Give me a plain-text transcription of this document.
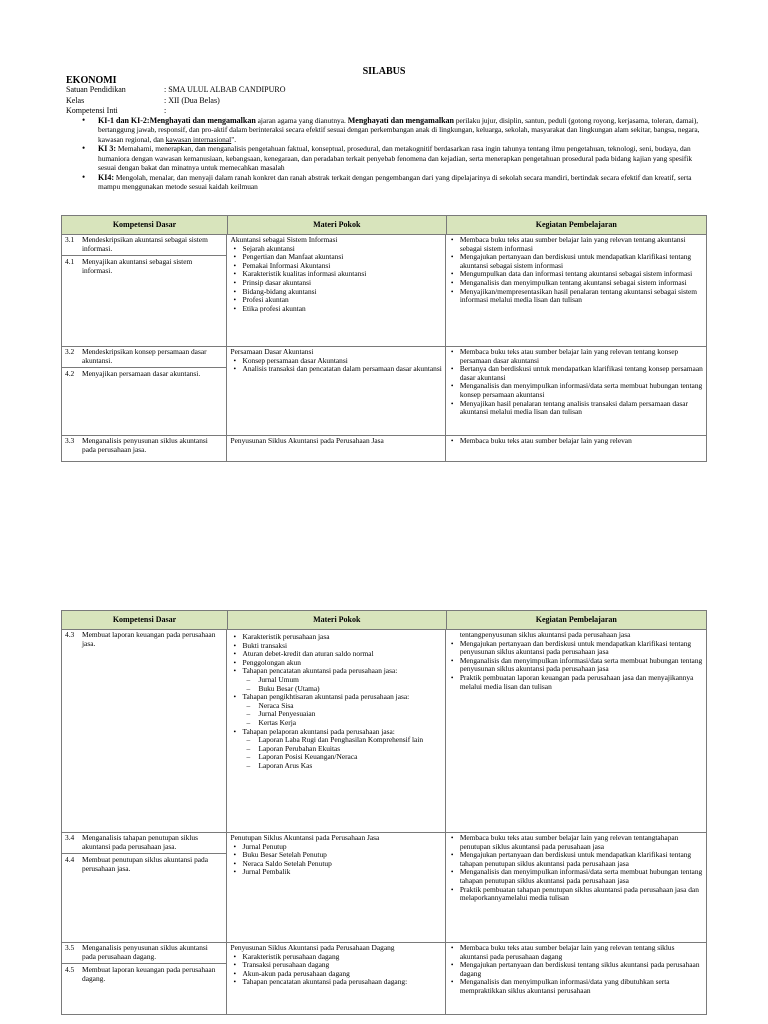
SILABUS
EKONOMI
Satuan Pendidikan	: SMA ULUL ALBAB CANDIPURO
Kelas	: XII (Dua Belas)
Kompetensi Inti	:
• KI-1 dan KI-2:Menghayati dan mengamalkan ajaran agama yang dianutnya. Menghayati dan mengamalkan perilaku jujur, disiplin, santun, peduli (gotong royong, kerjasama, toleran, damai), bertanggung jawab, responsif, dan pro-aktif dalam berinteraksi secara efektif sesuai dengan perkembangan anak di lingkungan, keluarga, sekolah, masyarakat dan lingkungan alam sekitar, bangsa, negara, kawasan regional, dan kawasan internasional".
• KI 3: Memahami, menerapkan, dan menganalisis pengetahuan faktual, konseptual, prosedural, dan metakognitif berdasarkan rasa ingin tahunya tentang ilmu pengetahuan, teknologi, seni, budaya, dan humaniora dengan wawasan kemanusiaan, kebangsaan, kenegaraan, dan peradaban terkait penyebab fenomena dan kejadian, serta menerapkan pengetahuan prosedural pada bidang kajian yang spesifik sesuai dengan bakat dan minatnya untuk memecahkan masalah
• KI4: Mengolah, menalar, dan menyaji dalam ranah konkret dan ranah abstrak terkait dengan pengembangan dari yang dipelajarinya di sekolah secara mandiri, bertindak secara efektif dan kreatif, serta mampu menggunakan metode sesuai kaidah keilmuan
Kompetensi Dasar	Materi Pokok	Kegiatan Pembelajaran
3.1	Mendeskripsikan akuntansi sebagai sistem informasi.
4.1	Menyajikan akuntansi sebagai sistem informasi.

Akuntansi sebagai Sistem Informasi

• Sejarah akuntansi
• Pengertian dan Manfaat akuntansi
• Pemakai Informasi Akuntansi
• Karakteristik kualitas informasi akuntansi
• Prinsip dasar akuntansi
• Bidang-bidang akuntansi
• Profesi akuntan
• Etika profesi akuntan
• Membaca buku teks atau sumber belajar lain yang relevan tentang akuntansi sebagai sistem informasi
• Mengajukan pertanyaan dan berdiskusi untuk mendapatkan klarifikasi tentang akuntansi sebagai sistem informasi
• Mengumpulkan data dan informasi tentang akuntansi sebagai sistem informasi
• Menganalisis dan menyimpulkan tentang akuntansi sebagai sistem informasi
• Menyajikan/mempresentasikan hasil penalaran tentang akuntansi sebagai sistem informasi melalui media lisan dan tulisan
3.2	Mendeskripsikan konsep persamaan dasar akuntansi.
4.2	Menyajikan persamaan dasar akuntansi.

Persamaan Dasar Akuntansi

• Konsep persamaan dasar Akuntansi
• Analisis transaksi dan pencatatan dalam persamaan dasar akuntansi
• Membaca buku teks atau sumber belajar lain yang relevan tentang konsep persamaan dasar akuntansi
• Bertanya dan berdiskusi untuk mendapatkan klarifikasi tentang konsep persamaan dasar akuntansi
• Menganalisis dan menyimpulkan informasi/data serta membuat hubungan tentang konsep persamaan akuntansi
• Menyajikan hasil penalaran tentang analisis transaksi dalam persamaan dasar akuntansi melalui media lisan dan tulisan
3.3	Menganalisis penyusunan siklus akuntansi pada perusahaan jasa.

Penyusunan Siklus Akuntansi pada Perusahaan Jasa

•	Membaca buku teks atau sumber belajar lain yang relevan
Kompetensi Dasar	Materi Pokok	Kegiatan Pembelajaran
4.3	Membuat laporan keuangan pada perusahaan jasa.
• Karakteristik perusahaan jasa
• Bukti transaksi
• Aturan debet-kredit dan aturan saldo normal
• Penggolongan akun
• Tahapan pencatatan akuntansi pada perusahaan jasa:
– Jurnal Umum
– Buku Besar (Utama)
• Tahapan pengikhtisaran akuntansi pada perusahaan jasa:
– Neraca Sisa
– Jurnal Penyesuaian
– Kertas Kerja
• Tahapan pelaporan akuntansi pada perusahaan jasa:
– Laporan Laba Rugi dan Penghasilan Komprehensif lain
– Laporan Perubahan Ekuitas
– Laporan Posisi Keuangan/Neraca
– Laporan Arus Kas

tentangpenyusunan siklus akuntansi pada perusahaan jasa

• Mengajukan pertanyaan dan berdiskusi untuk mendapatkan klarifikasi tentang penyusunan siklus akuntansi pada perusahaan jasa
• Menganalisis dan menyimpulkan informasi/data serta membuat hubungan tentang penyusunan siklus akuntansi pada perusahaan jasa
• Praktik pembuatan laporan keuangan pada perusahaan jasa dan menyajikannya melalui media lisan dan tulisan
3.4	Menganalisis tahapan penutupan siklus akuntansi pada perusahaan jasa.
4.4	Membuat penutupan siklus akuntansi pada perusahaan jasa.

Penutupan Siklus Akuntansi pada Perusahaan Jasa

• Jurnal Penutup
• Buku Besar Setelah Penutup
• Neraca Saldo Setelah Penutup
• Jurnal Pembalik
• Membaca buku teks atau sumber belajar lain yang relevan tentangtahapan penutupan siklus akuntansi pada perusahaan jasa
• Mengajukan pertanyaan dan berdiskusi untuk mendapatkan klarifikasi tentang tahapan penutupan siklus akuntansi pada perusahaan jasa
• Menganalisis dan menyimpulkan informasi/data serta membuat hubungan tentang tahapan penutupan siklus akuntansi pada perusahaan jasa
• Praktik pembuatan tahapan penutupan siklus akuntansi pada perusahaan jasa dan melaporkannyamelalui media tulisan
3.5	Menganalisis penyusunan siklus akuntansi pada perusahaan dagang.
4.5	Membuat laporan keuangan pada perusahaan dagang.

Penyusunan Siklus Akuntansi pada Perusahaan Dagang

• Karakteristik perusahaan dagang
• Transaksi perusahaan dagang
• Akun-akun pada perusahaan dagang
• Tahapan pencatatan akuntansi pada perusahaan dagang:
• Membaca buku teks atau sumber belajar lain yang relevan tentang siklus akuntansi pada perusahaan dagang
• Mengajukan pertanyaan dan berdiskusi tentang siklus akuntansi pada perusahaan dagang
• Menganalisis dan menyimpulkan informasi/data yang dibutuhkan serta mempraktikkan siklus akuntansi perusahaan
